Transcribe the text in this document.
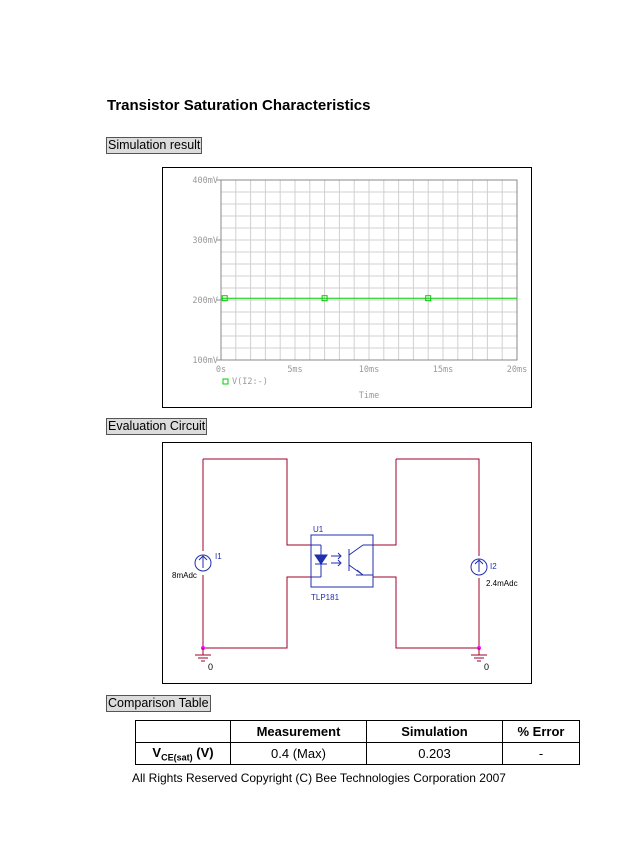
Transistor Saturation Characteristics
Simulation result
100mV
200mV
300mV
400mV
0s	5ms	10ms	15ms	20ms
Time
V(I2:-)
Evaluation Circuit
0	0
I1
8mAdc
I2
2.4mAdc
U1
TLP181
Comparison Table
	Measurement	Simulation	% Error
$V_{CE(sat)}$ (V)	0.4 (Max)	0.203	-
All Rights Reserved Copyright (C) Bee Technologies Corporation 2007
